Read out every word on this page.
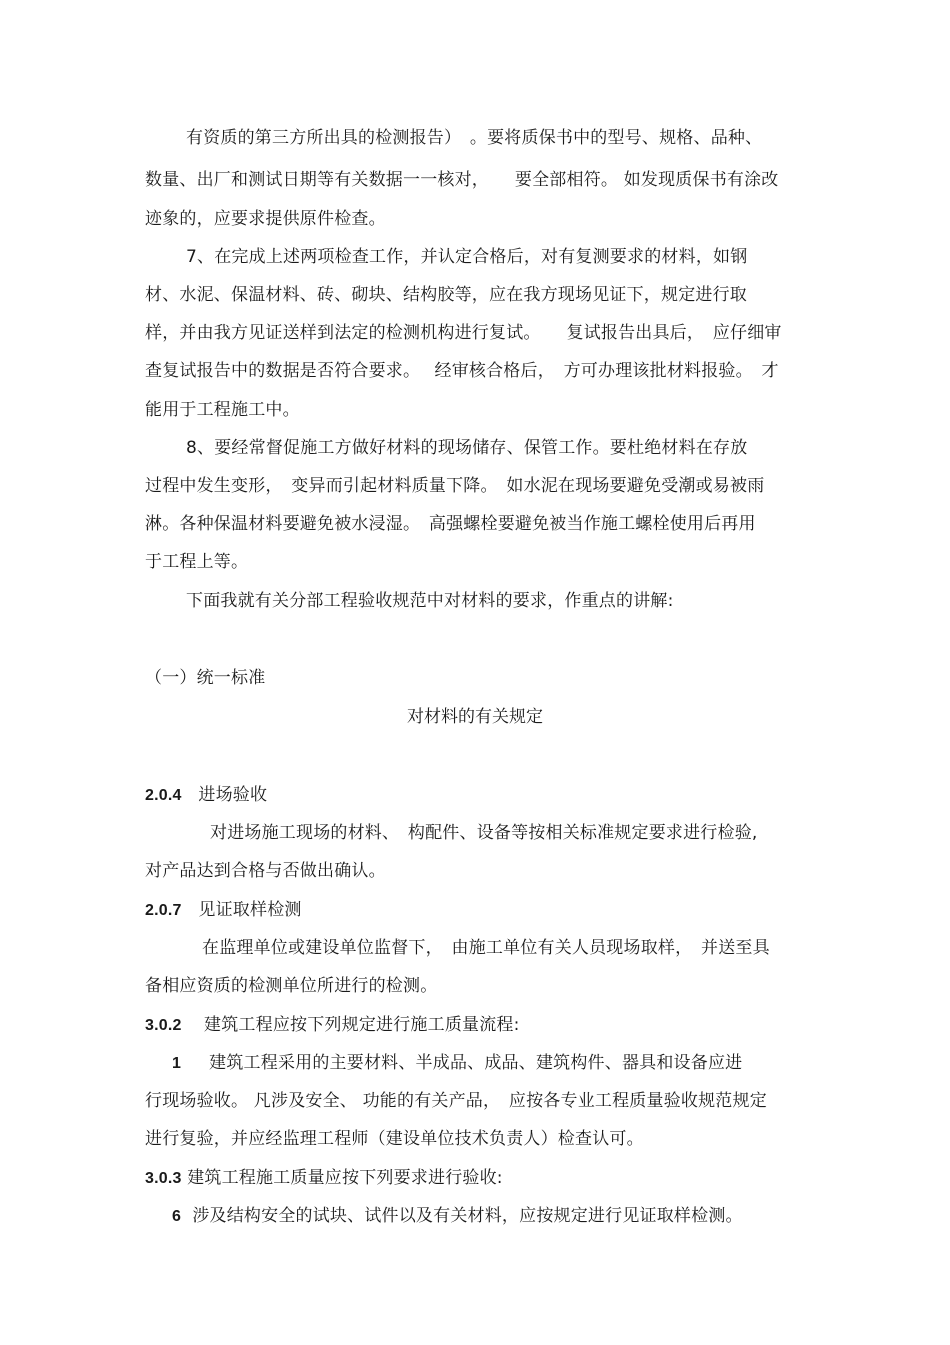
有资质的第三方所出具的检测报告）　。要将质保书中的型号、规格、品种、
数量、出厂和测试日期等有关数据一一核对，　　要全部相符。 如发现质保书有涂改
迹象的，应要求提供原件检查。
7、在完成上述两项检查工作，并认定合格后，对有复测要求的材料，如钢
材、水泥、保温材料、砖、砌块、结构胶等，应在我方现场见证下，规定进行取
样，并由我方见证送样到法定的检测机构进行复试。　　复试报告出具后，　应仔细审
查复试报告中的数据是否符合要求。　 经审核合格后，　方可办理该批材料报验。　才
能用于工程施工中。
8、要经常督促施工方做好材料的现场储存、保管工作。要杜绝材料在存放
过程中发生变形，　变异而引起材料质量下降。　如水泥在现场要避免受潮或易被雨
淋。各种保温材料要避免被水浸湿。　高强螺栓要避免被当作施工螺栓使用后再用
于工程上等。
下面我就有关分部工程验收规范中对材料的要求，作重点的讲解:
（一）统一标准
对材料的有关规定
2.0.4 进场验收
对进场施工现场的材料、　构配件、设备等按相关标准规定要求进行检验,
对产品达到合格与否做出确认。
2.0.7 见证取样检测
在监理单位或建设单位监督下，　由施工单位有关人员现场取样，　并送至具
备相应资质的检测单位所进行的检测。
3.0.2 建筑工程应按下列规定进行施工质量流程:
1 建筑工程采用的主要材料、半成品、成品、建筑构件、器具和设备应进
行现场验收。 凡涉及安全、 功能的有关产品，　应按各专业工程质量验收规范规定
进行复验，并应经监理工程师（建设单位技术负责人）检查认可。
3.0.3 建筑工程施工质量应按下列要求进行验收:
6 涉及结构安全的试块、试件以及有关材料，应按规定进行见证取样检测。
